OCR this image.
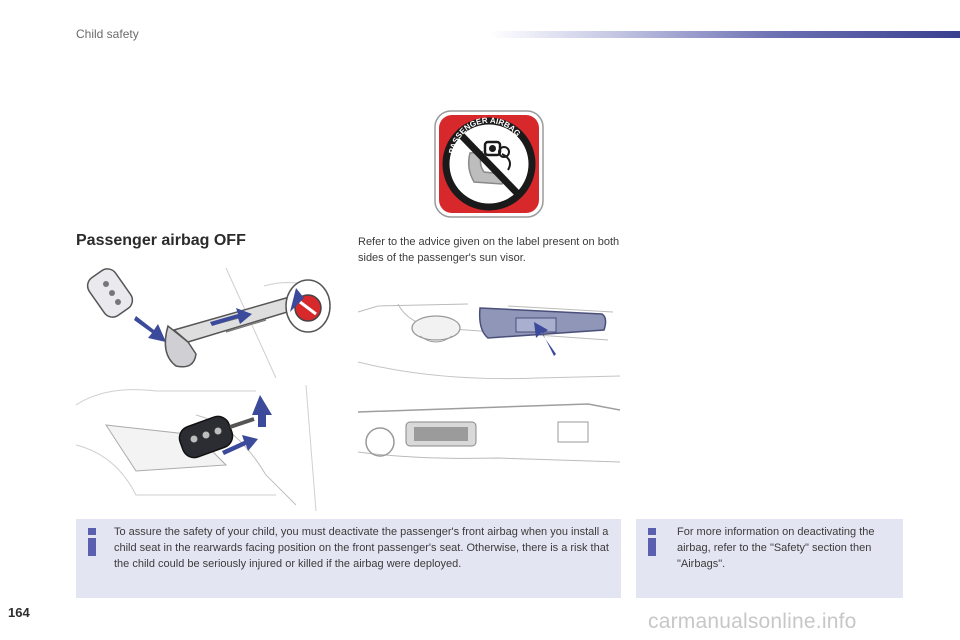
Child safety
PASSENGER AIRBAG
Passenger airbag OFF	Refer to the advice given on the label present on both sides of the passenger's sun visor.
To assure the safety of your child, you must deactivate the passenger's front airbag when you install a child seat in the rearwards facing position on the front passenger's seat. Otherwise, there is a risk that the child could be seriously injured or killed if the airbag were deployed.
For more information on deactivating the airbag, refer to the "Safety" section then "Airbags".
164	carmanualsonline.info
